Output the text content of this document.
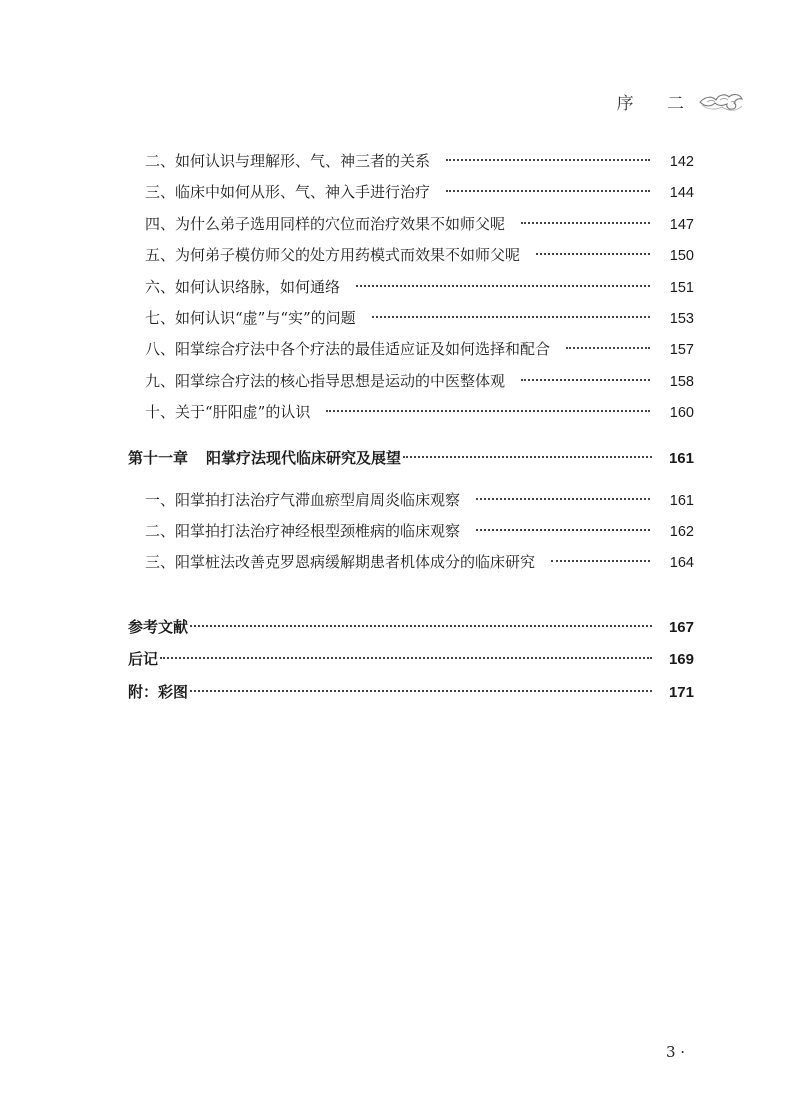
序 二
二、如何认识与理解形、气、神三者的关系	142
三、临床中如何从形、气、神入手进行治疗	144
四、为什么弟子选用同样的穴位而治疗效果不如师父呢	147
五、为何弟子模仿师父的处方用药模式而效果不如师父呢	150
六、如何认识络脉，如何通络	151
七、如何认识“虚”与“实”的问题	153
八、阳掌综合疗法中各个疗法的最佳适应证及如何选择和配合	157
九、阳掌综合疗法的核心指导思想是运动的中医整体观	158
十、关于“肝阳虚”的认识	160
第十一章 阳掌疗法现代临床研究及展望	161
一、阳掌拍打法治疗气滞血瘀型肩周炎临床观察	161
二、阳掌拍打法治疗神经根型颈椎病的临床观察	162
三、阳掌桩法改善克罗恩病缓解期患者机体成分的临床研究	164
参考文献	167
后记	169
附：彩图	171
3 ·
